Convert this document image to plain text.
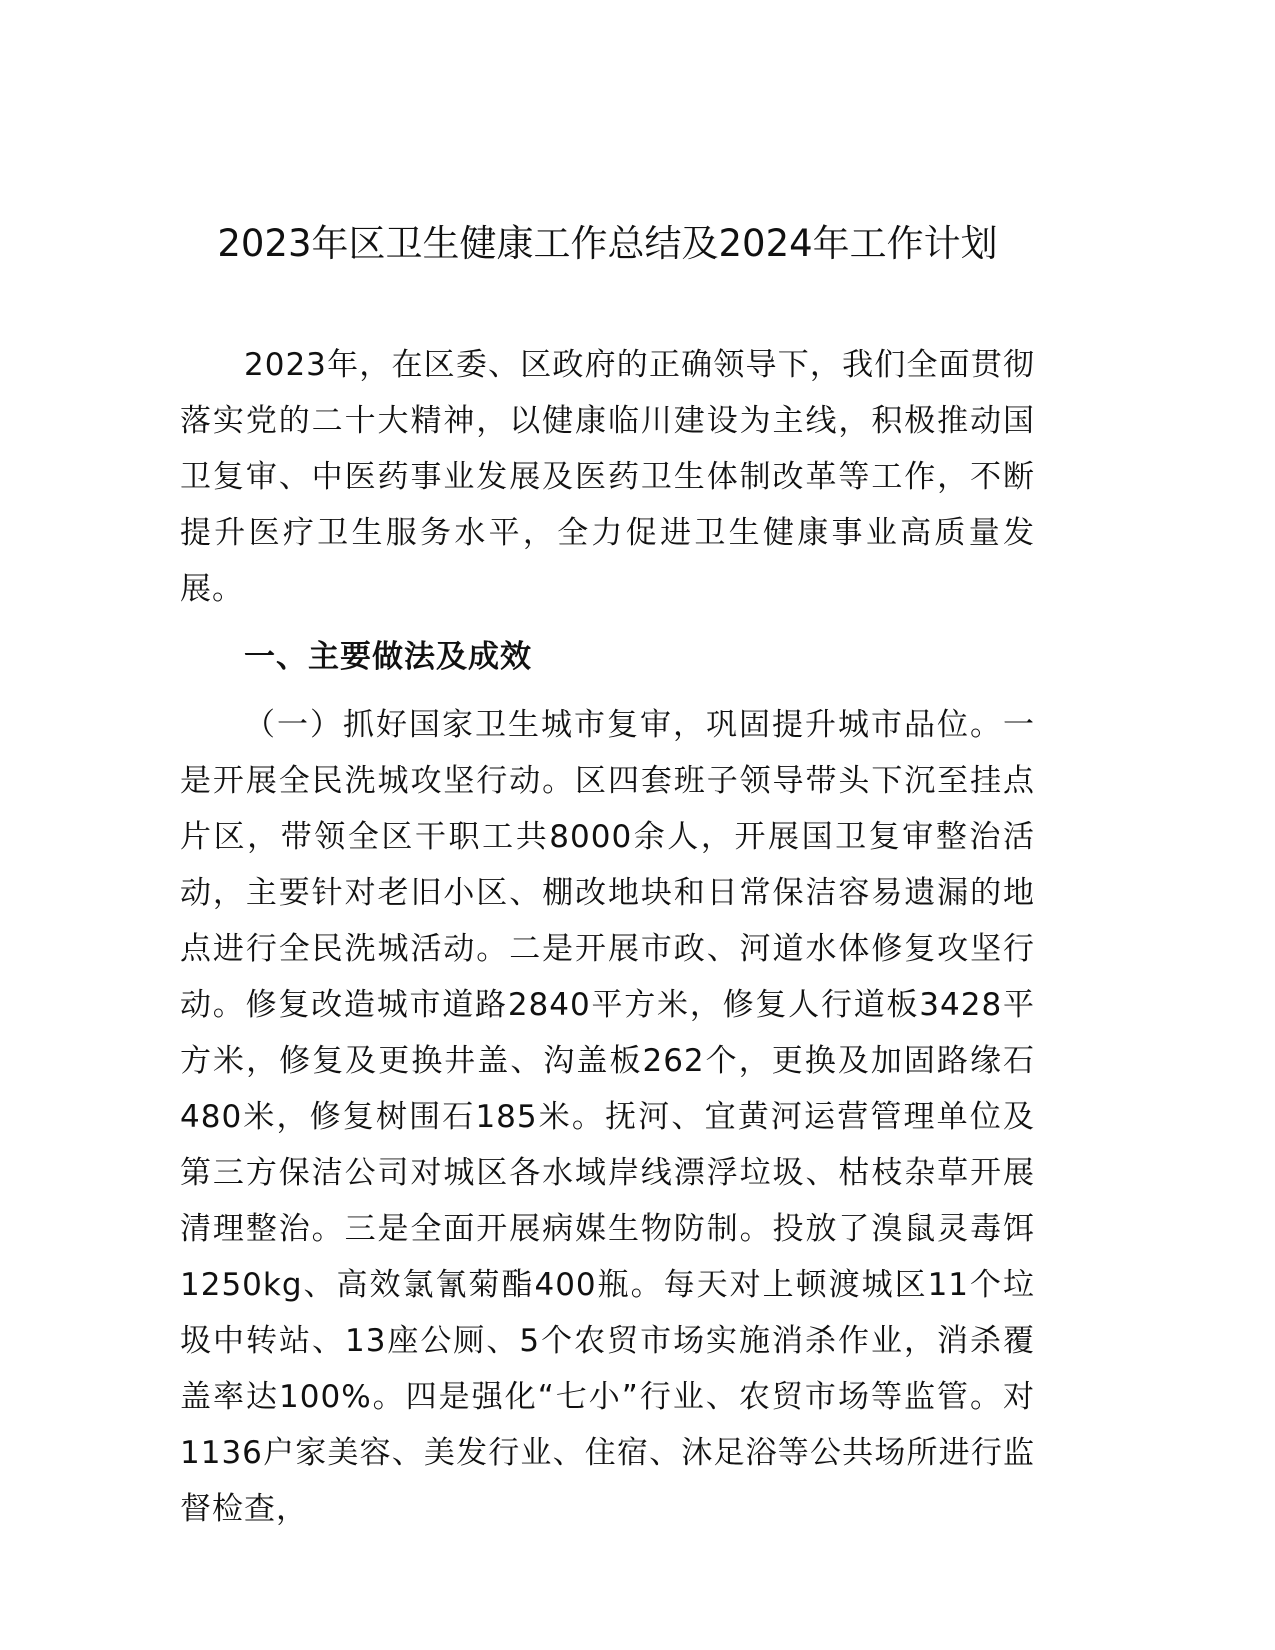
2023年区卫生健康工作总结及2024年工作计划

2023年，在区委、区政府的正确领导下，我们全面贯彻落实党的二十大精神，以健康临川建设为主线，积极推动国卫复审、中医药事业发展及医药卫生体制改革等工作，不断提升医疗卫生服务水平，全力促进卫生健康事业高质量发展。

一、主要做法及成效

（一）抓好国家卫生城市复审，巩固提升城市品位。一是开展全民洗城攻坚行动。区四套班子领导带头下沉至挂点片区，带领全区干职工共8000余人，开展国卫复审整治活动，主要针对老旧小区、棚改地块和日常保洁容易遗漏的地点进行全民洗城活动。二是开展市政、河道水体修复攻坚行动。修复改造城市道路2840平方米，修复人行道板3428平方米，修复及更换井盖、沟盖板262个，更换及加固路缘石480米，修复树围石185米。抚河、宜黄河运营管理单位及第三方保洁公司对城区各水域岸线漂浮垃圾、枯枝杂草开展清理整治。三是全面开展病媒生物防制。投放了溴鼠灵毒饵1250kg、高效氯氰菊酯400瓶。每天对上顿渡城区11个垃圾中转站、13座公厕、5个农贸市场实施消杀作业，消杀覆盖率达100%。四是强化“七小”行业、农贸市场等监管。对1136户家美容、美发行业、住宿、沐足浴等公共场所进行监督检查，
